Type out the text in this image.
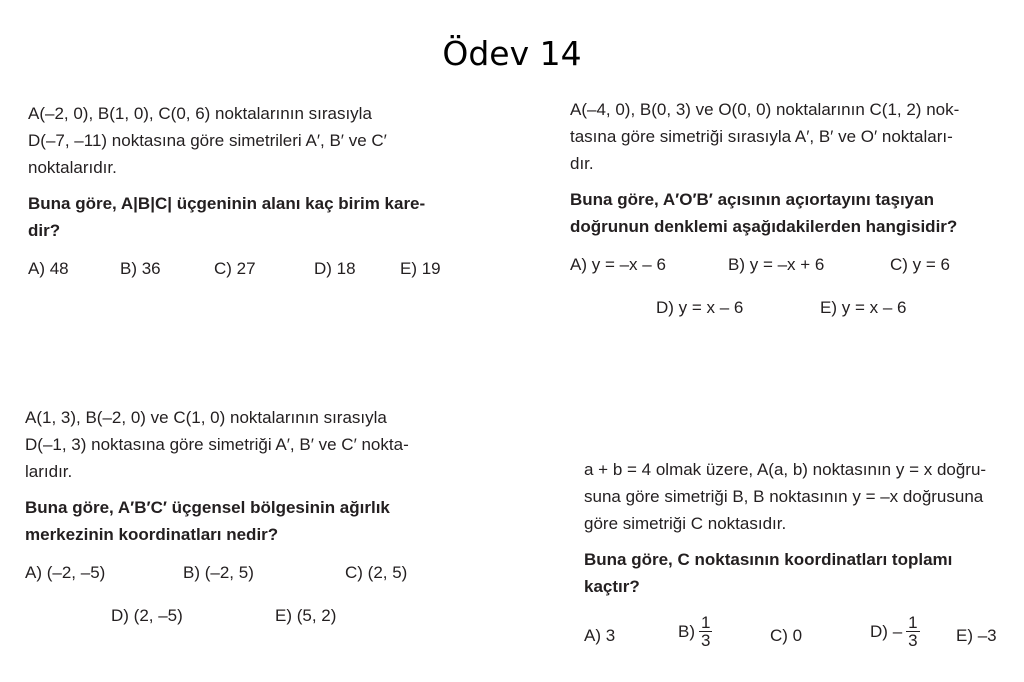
Ödev 14

A(–2, 0), B(1, 0), C(0, 6) noktalarının sırasıyla

D(–7, –11) noktasına göre simetrileri A′, B′ ve C′

noktalarıdır.

Buna göre, A|B|C| üçgeninin alanı kaç birim kare-

dir?

A) 48	B) 36	C) 27	D) 18	E) 19

A(–4, 0), B(0, 3) ve O(0, 0) noktalarının C(1, 2) nok-

tasına göre simetriği sırasıyla A′, B′ ve O′ noktaları-

dır.

Buna göre, A′O′B′ açısının açıortayını taşıyan

doğrunun denklemi aşağıdakilerden hangisidir?

A) y = –x – 6	B) y = –x + 6	C) y = 6
D) y = x – 6	E) y = x – 6

A(1, 3), B(–2, 0) ve C(1, 0) noktalarının sırasıyla

D(–1, 3) noktasına göre simetriği A′, B′ ve C′ nokta-

larıdır.

Buna göre, A′B′C′ üçgensel bölgesinin ağırlık

merkezinin koordinatları nedir?

A) (–2, –5)	B) (–2, 5)	C) (2, 5)
D) (2, –5)	E) (5, 2)

a + b = 4 olmak üzere, A(a, b) noktasının y = x doğru-

suna göre simetriği B, B noktasının y = –x doğrusuna

göre simetriği C noktasıdır.

Buna göre, C noktasının koordinatları toplamı

kaçtır?

A) 3	$B) \frac{1}{3}$	C) 0	$D) - \frac{1}{3} E$) –3
